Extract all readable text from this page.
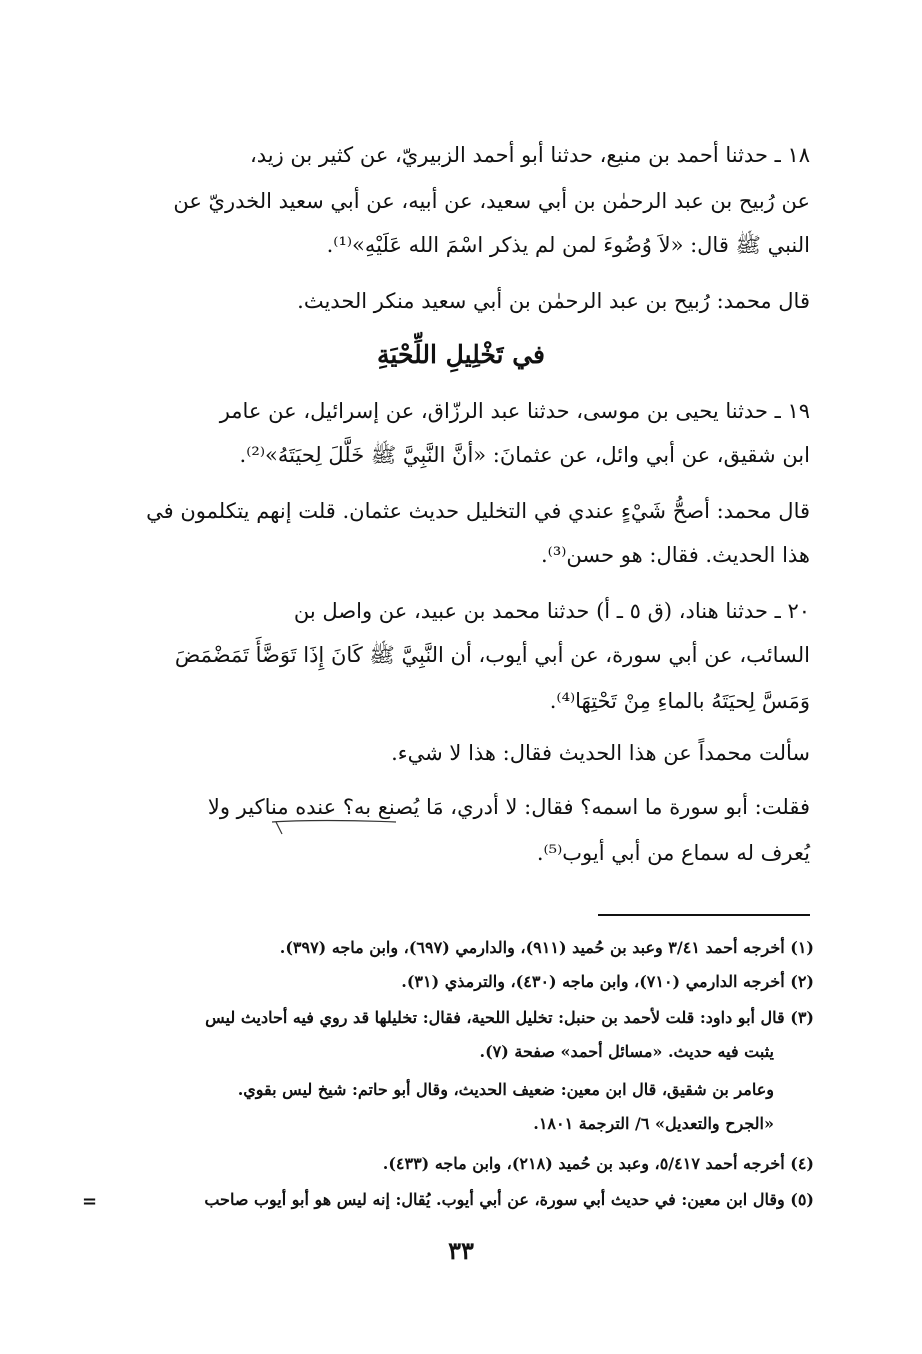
١٨ ـ حدثنا أحمد بن منيع، حدثنا أبو أحمد الزبيريّ، عن كثير بن زيد،
عن رُبيح بن عبد الرحمٰن بن أبي سعيد، عن أبيه، عن أبي سعيد الخدريّ عن
النبي ﷺ قال: «لاَ وُضُوءَ لمن لم يذكر اسْمَ الله عَلَيْهِ»⁽¹⁾.
قال محمد: رُبيح بن عبد الرحمٰن بن أبي سعيد منكر الحديث.
في تَخْلِيلِ اللِّحْيَةِ
١٩ ـ حدثنا يحيى بن موسى، حدثنا عبد الرزّاق، عن إسرائيل، عن عامر
ابن شقيق، عن أبي وائل، عن عثمانَ: «أنَّ النَّبِيَّ ﷺ خَلَّلَ لِحيَتَهُ»⁽²⁾.
قال محمد: أصحُّ شَيْءٍ عندي في التخليل حديث عثمان. قلت إنهم يتكلمون في
هذا الحديث. فقال: هو حسن⁽³⁾.
٢٠ ـ حدثنا هناد، (ق ٥ ـ أ) حدثنا محمد بن عبيد، عن واصل بن
السائب، عن أبي سورة، عن أبي أيوب، أن النَّبِيَّ ﷺ كَانَ إِذَا تَوَضَّأَ تَمَضْمَضَ
وَمَسَّ لِحيَتَهُ بالماءِ مِنْ تَحْتِهَا⁽⁴⁾.
سألت محمداً عن هذا الحديث فقال: هذا لا شيء.
فقلت: أبو سورة ما اسمه؟ فقال: لا أدري، مَا يُصنع به؟ عنده مناكير ولا
يُعرف له سماع من أبي أيوب⁽⁵⁾.
(١) أخرجه أحمد ٣/٤١ وعبد بن حُميد (٩١١)، والدارمي (٦٩٧)، وابن ماجه (٣٩٧).
(٢) أخرجه الدارمي (٧١٠)، وابن ماجه (٤٣٠)، والترمذي (٣١).
(٣) قال أبو داود: قلت لأحمد بن حنبل: تخليل اللحية، فقال: تخليلها قد روي فيه أحاديث ليس
يثبت فيه حديث. «مسائل أحمد» صفحة (٧).
وعامر بن شقيق، قال ابن معين: ضعيف الحديث، وقال أبو حاتم: شيخ ليس بقوي.
«الجرح والتعديل» ٦/ الترجمة ١٨٠١.
(٤) أخرجه أحمد ٥/٤١٧، وعبد بن حُميد (٢١٨)، وابن ماجه (٤٣٣).
(٥) وقال ابن معين: في حديث أبي سورة، عن أبي أيوب. يُقال: إنه ليس هو أبو أيوب صاحب
=
٣٣
